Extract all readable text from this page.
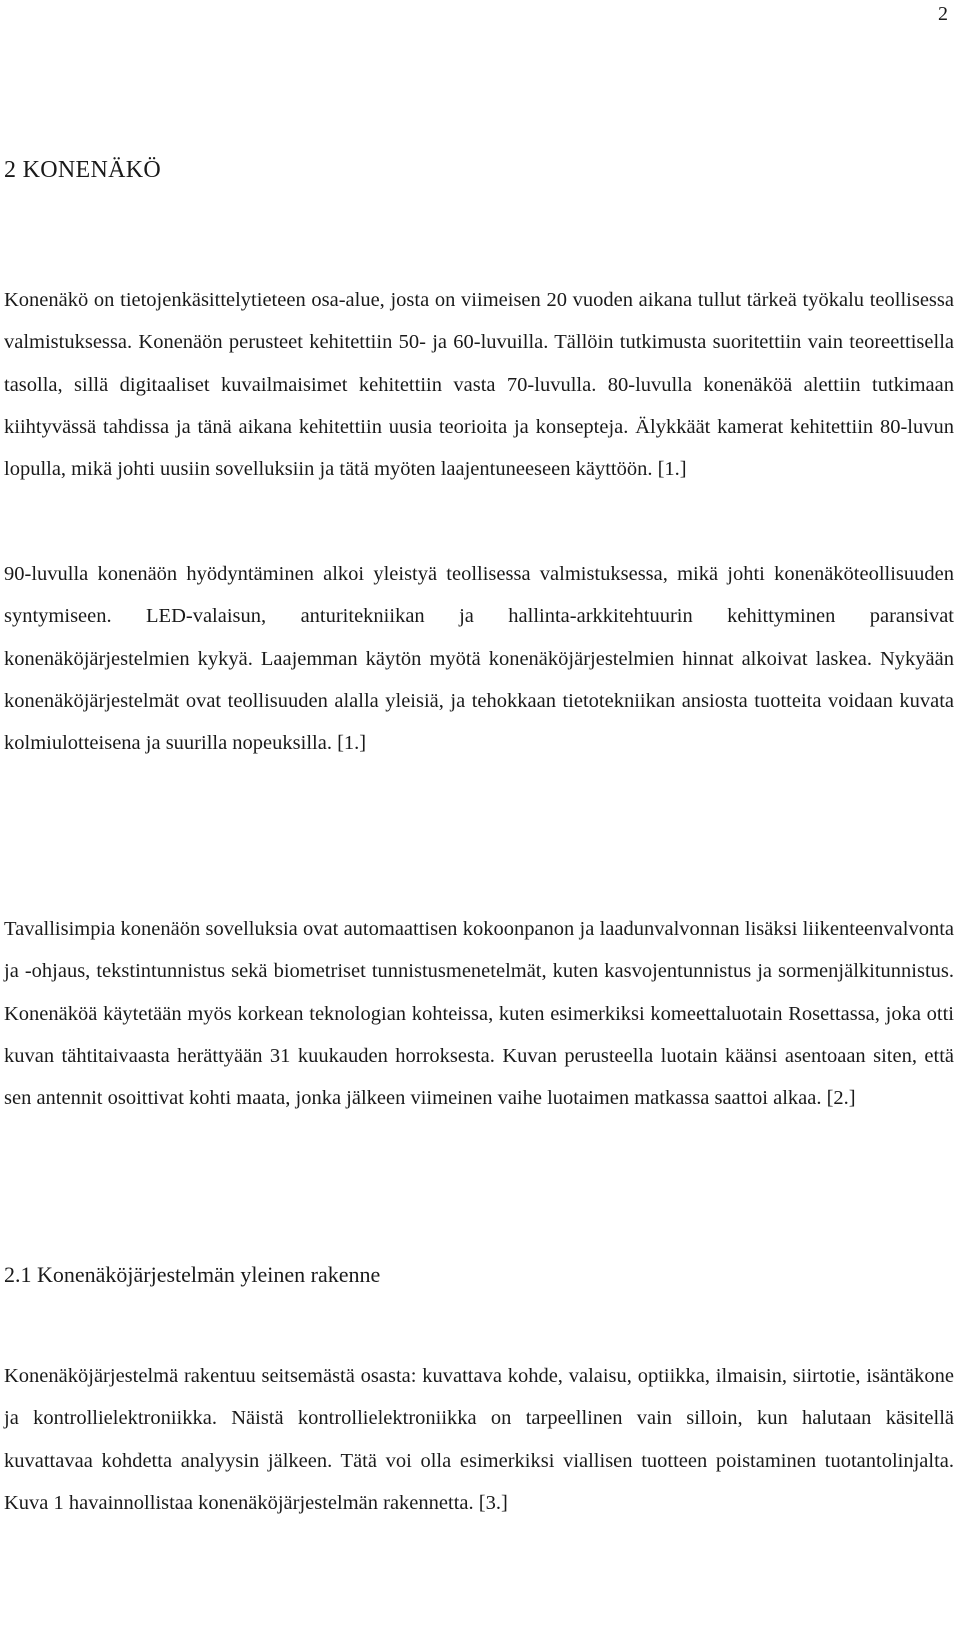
2
2 KONENÄKÖ

Konenäkö on tietojenkäsittelytieteen osa-alue, josta on viimeisen 20 vuoden aikana tullut tärkeä työkalu teollisessa valmistuksessa. Konenäön perusteet kehitettiin 50- ja 60-luvuilla. Tällöin tutkimusta suoritettiin vain teoreettisella tasolla, sillä digitaaliset kuvailmaisimet kehitettiin vasta 70-luvulla. 80-luvulla konenäköä alettiin tutkimaan kiihtyvässä tahdissa ja tänä aikana kehitettiin uusia teorioita ja konsepteja. Älykkäät kamerat kehitettiin 80-luvun lopulla, mikä johti uusiin sovelluksiin ja tätä myöten laajentuneeseen käyttöön. [1.]

90-luvulla konenäön hyödyntäminen alkoi yleistyä teollisessa valmistuksessa, mikä johti konenäköteollisuuden syntymiseen. LED-valaisun, anturitekniikan ja hallinta-arkkitehtuurin kehittyminen paransivat konenäköjärjestelmien kykyä. Laajemman käytön myötä konenäköjärjestelmien hinnat alkoivat laskea. Nykyään konenäköjärjestelmät ovat teollisuuden alalla yleisiä, ja tehokkaan tietotekniikan ansiosta tuotteita voidaan kuvata kolmiulotteisena ja suurilla nopeuksilla. [1.]

Tavallisimpia konenäön sovelluksia ovat automaattisen kokoonpanon ja laadunvalvonnan lisäksi liikenteenvalvonta ja -ohjaus, tekstintunnistus sekä biometriset tunnistusmenetelmät, kuten kasvojentunnistus ja sormenjälkitunnistus. Konenäköä käytetään myös korkean teknologian kohteissa, kuten esimerkiksi komeettaluotain Rosettassa, joka otti kuvan tähtitaivaasta herättyään 31 kuukauden horroksesta. Kuvan perusteella luotain käänsi asentoaan siten, että sen antennit osoittivat kohti maata, jonka jälkeen viimeinen vaihe luotaimen matkassa saattoi alkaa. [2.]

2.1 Konenäköjärjestelmän yleinen rakenne

Konenäköjärjestelmä rakentuu seitsemästä osasta: kuvattava kohde, valaisu, optiikka, ilmaisin, siirtotie, isäntäkone ja kontrollielektroniikka. Näistä kontrollielektroniikka on tarpeellinen vain silloin, kun halutaan käsitellä kuvattavaa kohdetta analyysin jälkeen. Tätä voi olla esimerkiksi viallisen tuotteen poistaminen tuotantolinjalta. Kuva 1 havainnollistaa konenäköjärjestelmän rakennetta. [3.]
